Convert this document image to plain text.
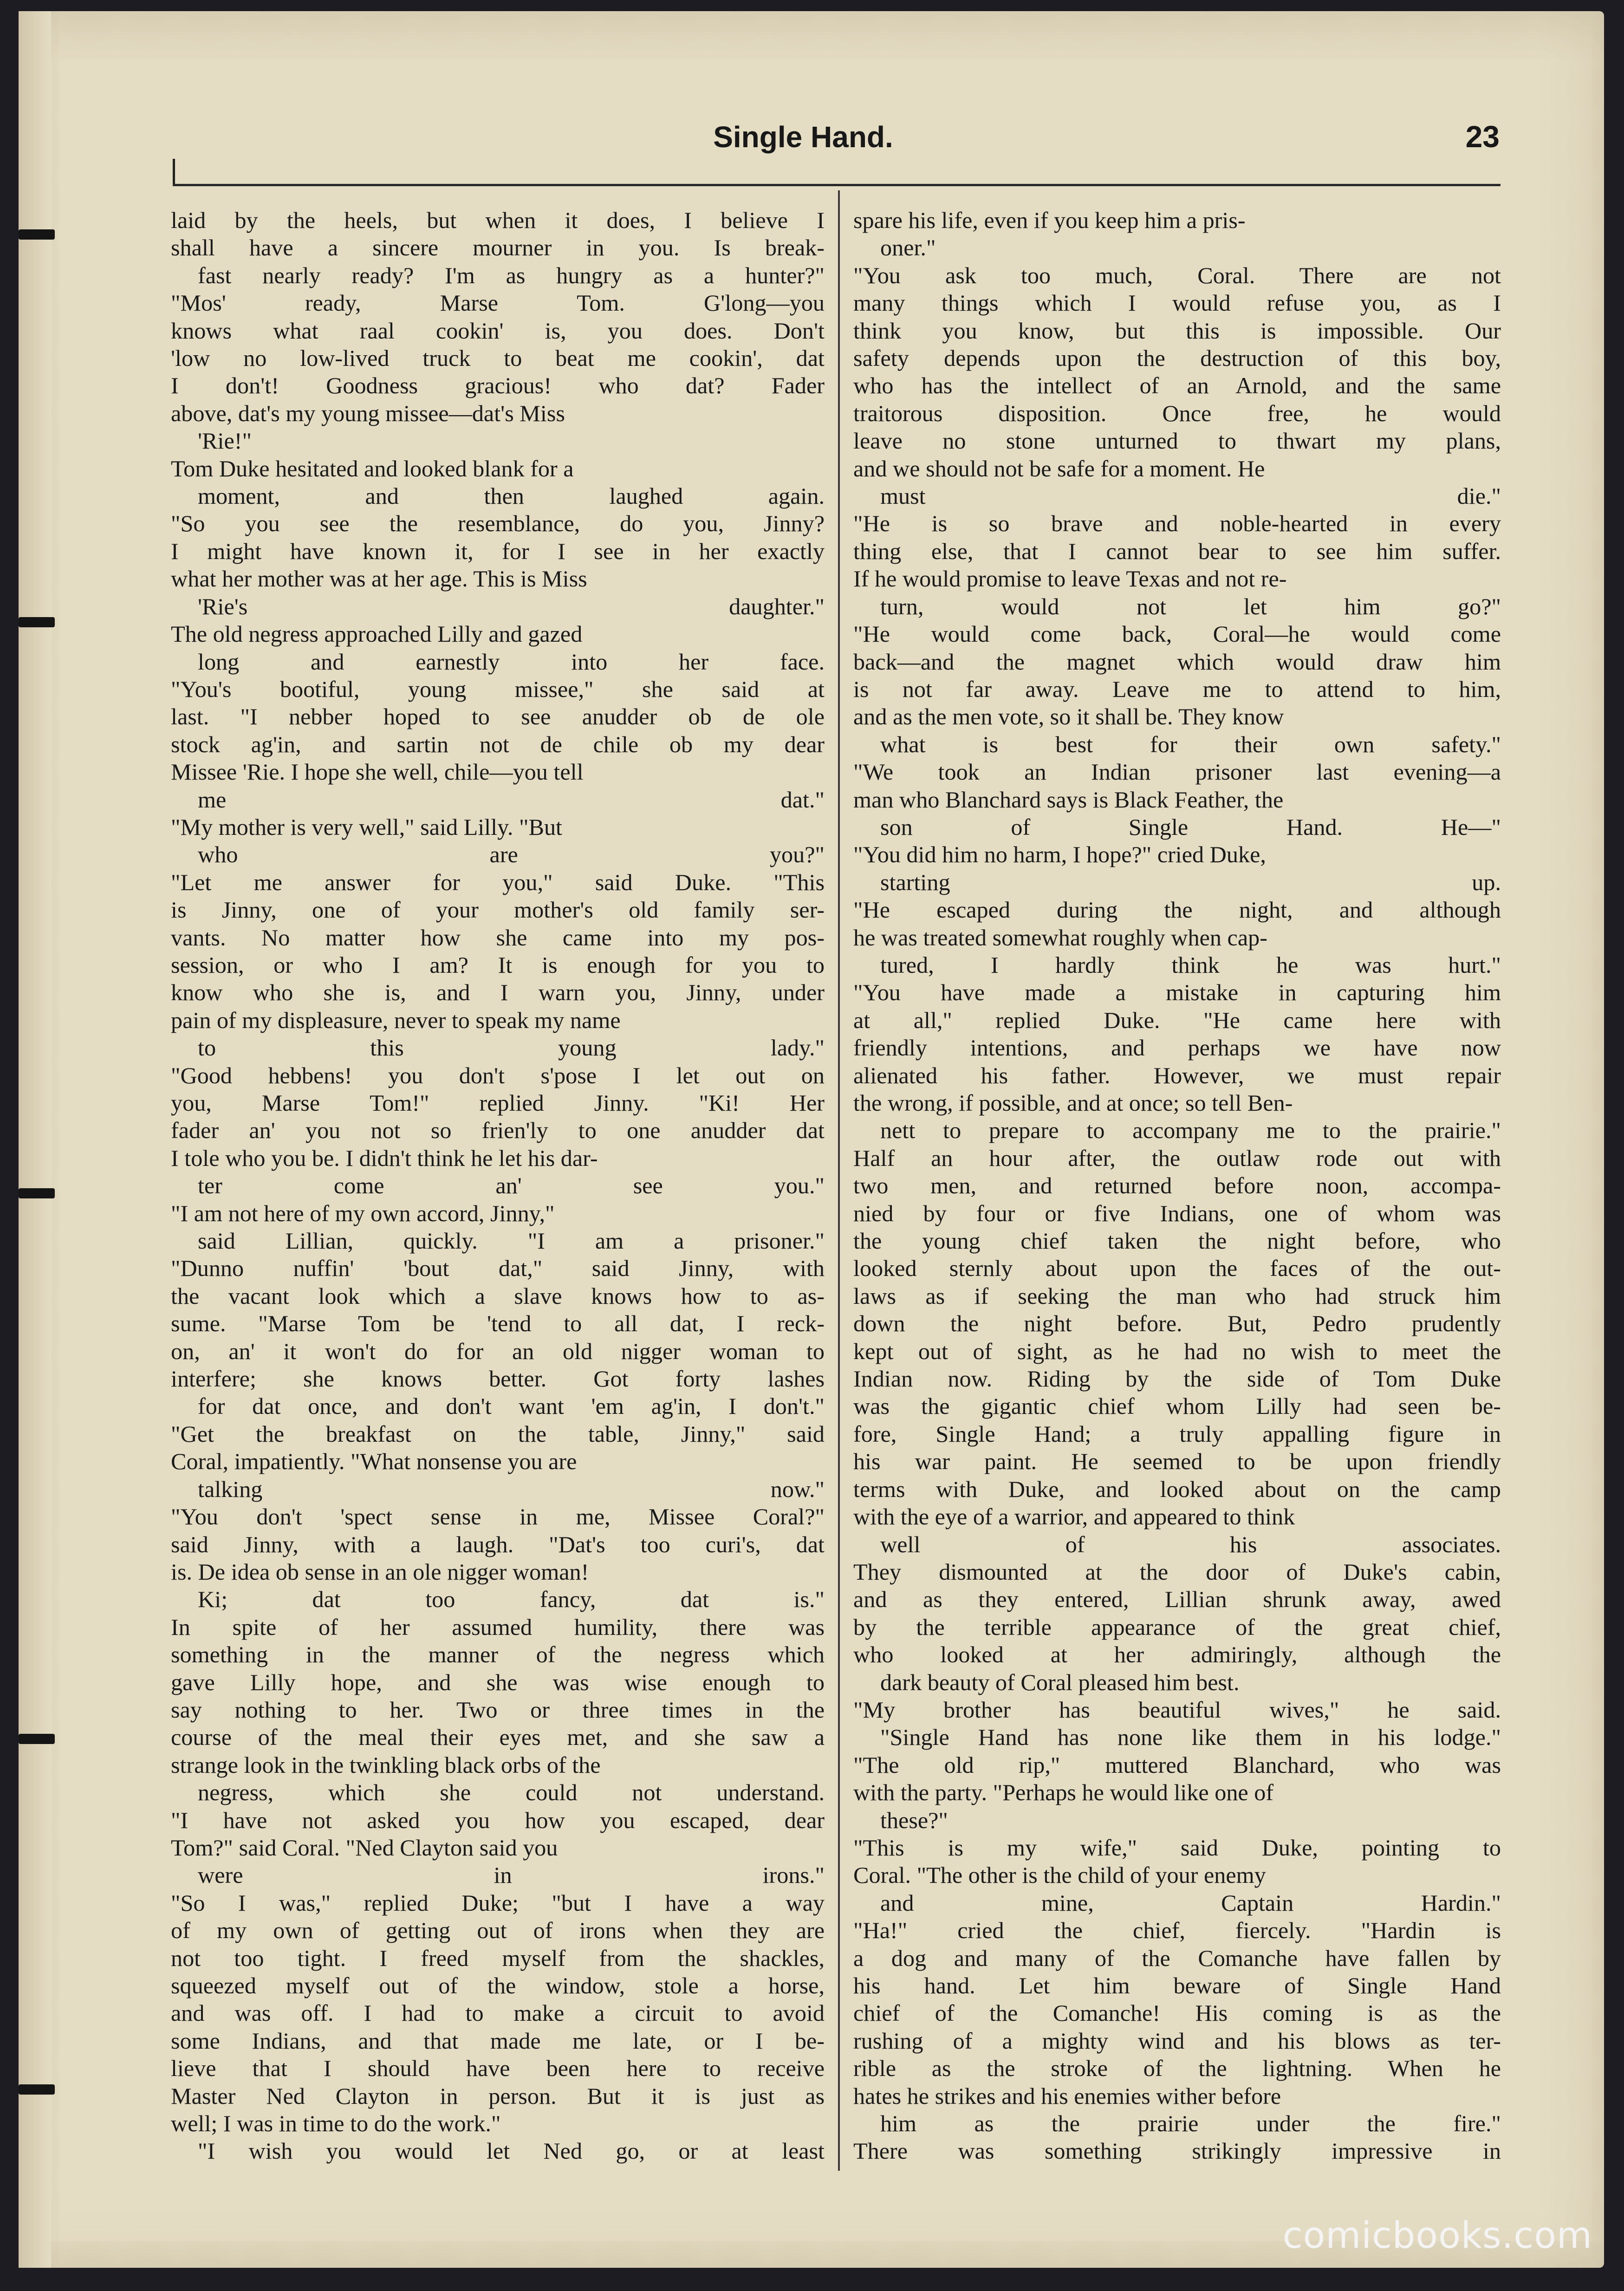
Single Hand.	23
laid by the heels, but when it does, I believe I
shall have a sincere mourner in you. Is break-
fast nearly ready? I'm as hungry as a hunter?"
"Mos' ready, Marse Tom. G'long—you
knows what raal cookin' is, you does. Don't
'low no low-lived truck to beat me cookin', dat
I don't! Goodness gracious! who dat? Fader
above, dat's my young missee—dat's Miss
'Rie!"
Tom Duke hesitated and looked blank for a
moment, and then laughed again.
"So you see the resemblance, do you, Jinny?
I might have known it, for I see in her exactly
what her mother was at her age. This is Miss
'Rie's daughter."
The old negress approached Lilly and gazed
long and earnestly into her face.
"You's bootiful, young missee," she said at
last. "I nebber hoped to see anudder ob de ole
stock ag'in, and sartin not de chile ob my dear
Missee 'Rie. I hope she well, chile—you tell
me dat."
"My mother is very well," said Lilly. "But
who are you?"
"Let me answer for you," said Duke. "This
is Jinny, one of your mother's old family ser-
vants. No matter how she came into my pos-
session, or who I am? It is enough for you to
know who she is, and I warn you, Jinny, under
pain of my displeasure, never to speak my name
to this young lady."
"Good hebbens! you don't s'pose I let out on
you, Marse Tom!" replied Jinny. "Ki! Her
fader an' you not so frien'ly to one anudder dat
I tole who you be. I didn't think he let his dar-
ter come an' see you."
"I am not here of my own accord, Jinny,"
said Lillian, quickly. "I am a prisoner."
"Dunno nuffin' 'bout dat," said Jinny, with
the vacant look which a slave knows how to as-
sume. "Marse Tom be 'tend to all dat, I reck-
on, an' it won't do for an old nigger woman to
interfere; she knows better. Got forty lashes
for dat once, and don't want 'em ag'in, I don't."
"Get the breakfast on the table, Jinny," said
Coral, impatiently. "What nonsense you are
talking now."
"You don't 'spect sense in me, Missee Coral?"
said Jinny, with a laugh. "Dat's too curi's, dat
is. De idea ob sense in an ole nigger woman!
Ki; dat too fancy, dat is."
In spite of her assumed humility, there was
something in the manner of the negress which
gave Lilly hope, and she was wise enough to
say nothing to her. Two or three times in the
course of the meal their eyes met, and she saw a
strange look in the twinkling black orbs of the
negress, which she could not understand.
"I have not asked you how you escaped, dear
Tom?" said Coral. "Ned Clayton said you
were in irons."
"So I was," replied Duke; "but I have a way
of my own of getting out of irons when they are
not too tight. I freed myself from the shackles,
squeezed myself out of the window, stole a horse,
and was off. I had to make a circuit to avoid
some Indians, and that made me late, or I be-
lieve that I should have been here to receive
Master Ned Clayton in person. But it is just as
well; I was in time to do the work."
"I wish you would let Ned go, or at least
spare his life, even if you keep him a pris-
oner."
"You ask too much, Coral. There are not
many things which I would refuse you, as I
think you know, but this is impossible. Our
safety depends upon the destruction of this boy,
who has the intellect of an Arnold, and the same
traitorous disposition. Once free, he would
leave no stone unturned to thwart my plans,
and we should not be safe for a moment. He
must die."
"He is so brave and noble-hearted in every
thing else, that I cannot bear to see him suffer.
If he would promise to leave Texas and not re-
turn, would not let him go?"
"He would come back, Coral—he would come
back—and the magnet which would draw him
is not far away. Leave me to attend to him,
and as the men vote, so it shall be. They know
what is best for their own safety."
"We took an Indian prisoner last evening—a
man who Blanchard says is Black Feather, the
son of Single Hand. He—"
"You did him no harm, I hope?" cried Duke,
starting up.
"He escaped during the night, and although
he was treated somewhat roughly when cap-
tured, I hardly think he was hurt."
"You have made a mistake in capturing him
at all," replied Duke. "He came here with
friendly intentions, and perhaps we have now
alienated his father. However, we must repair
the wrong, if possible, and at once; so tell Ben-
nett to prepare to accompany me to the prairie."
Half an hour after, the outlaw rode out with
two men, and returned before noon, accompa-
nied by four or five Indians, one of whom was
the young chief taken the night before, who
looked sternly about upon the faces of the out-
laws as if seeking the man who had struck him
down the night before. But, Pedro prudently
kept out of sight, as he had no wish to meet the
Indian now. Riding by the side of Tom Duke
was the gigantic chief whom Lilly had seen be-
fore, Single Hand; a truly appalling figure in
his war paint. He seemed to be upon friendly
terms with Duke, and looked about on the camp
with the eye of a warrior, and appeared to think
well of his associates.
They dismounted at the door of Duke's cabin,
and as they entered, Lillian shrunk away, awed
by the terrible appearance of the great chief,
who looked at her admiringly, although the
dark beauty of Coral pleased him best.
"My brother has beautiful wives," he said.
"Single Hand has none like them in his lodge."
"The old rip," muttered Blanchard, who was
with the party. "Perhaps he would like one of
these?"
"This is my wife," said Duke, pointing to
Coral. "The other is the child of your enemy
and mine, Captain Hardin."
"Ha!" cried the chief, fiercely. "Hardin is
a dog and many of the Comanche have fallen by
his hand. Let him beware of Single Hand
chief of the Comanche! His coming is as the
rushing of a mighty wind and his blows as ter-
rible as the stroke of the lightning. When he
hates he strikes and his enemies wither before
him as the prairie under the fire."
There was something strikingly impressive in
comicbooks.com
